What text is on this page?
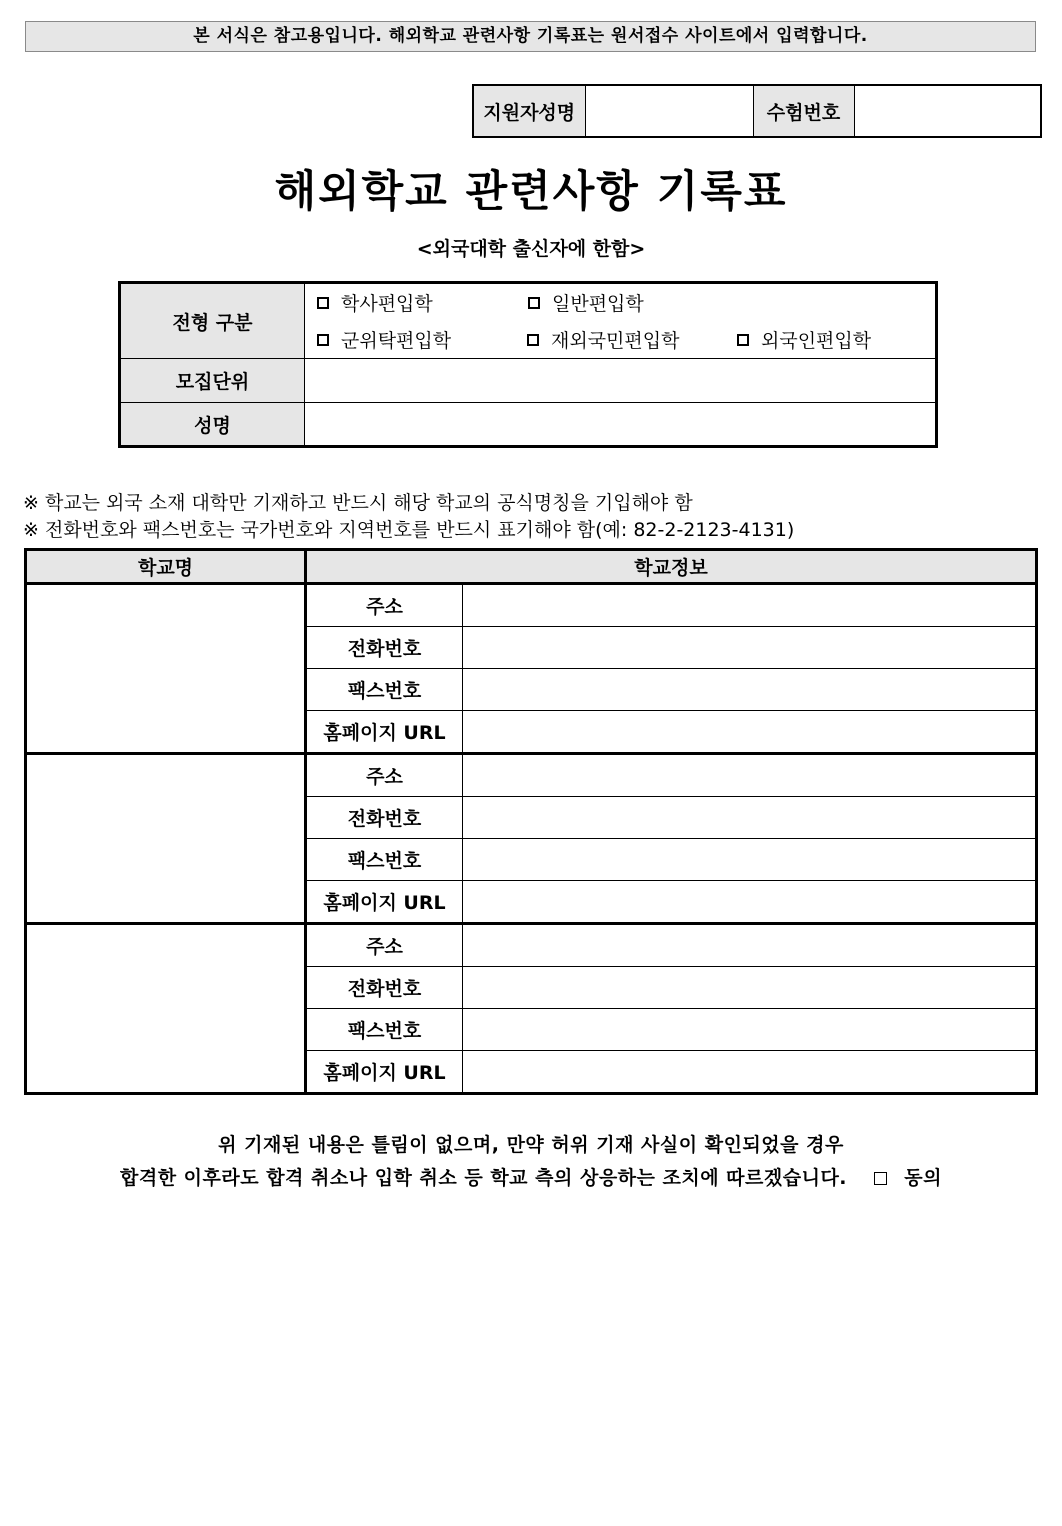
본 서식은 참고용입니다. 해외학교 관련사항 기록표는 원서접수 사이트에서 입력합니다.
지원자성명		수험번호	
해외학교 관련사항 기록표
<외국대학 출신자에 한함>
전형 구분	학사편입학 일반편입학
군위탁편입학 재외국민편입학 외국인편입학

모집단위	
성명	
※ 학교는 외국 소재 대학만 기재하고 반드시 해당 학교의 공식명칭을 기입해야 함
※ 전화번호와 팩스번호는 국가번호와 지역번호를 반드시 표기해야 함(예: 82-2-2123-4131)
학교명	학교정보	
	주소	
	전화번호	
	팩스번호	
	홈페이지 URL	
	주소	
	전화번호	
	팩스번호	
	홈페이지 URL	
	주소	
	전화번호	
	팩스번호	
	홈페이지 URL	
위 기재된 내용은 틀림이 없으며, 만약 허위 기재 사실이 확인되었을 경우
합격한 이후라도 합격 취소나 입학 취소 등 학교 측의 상응하는 조치에 따르겠습니다.	동의
